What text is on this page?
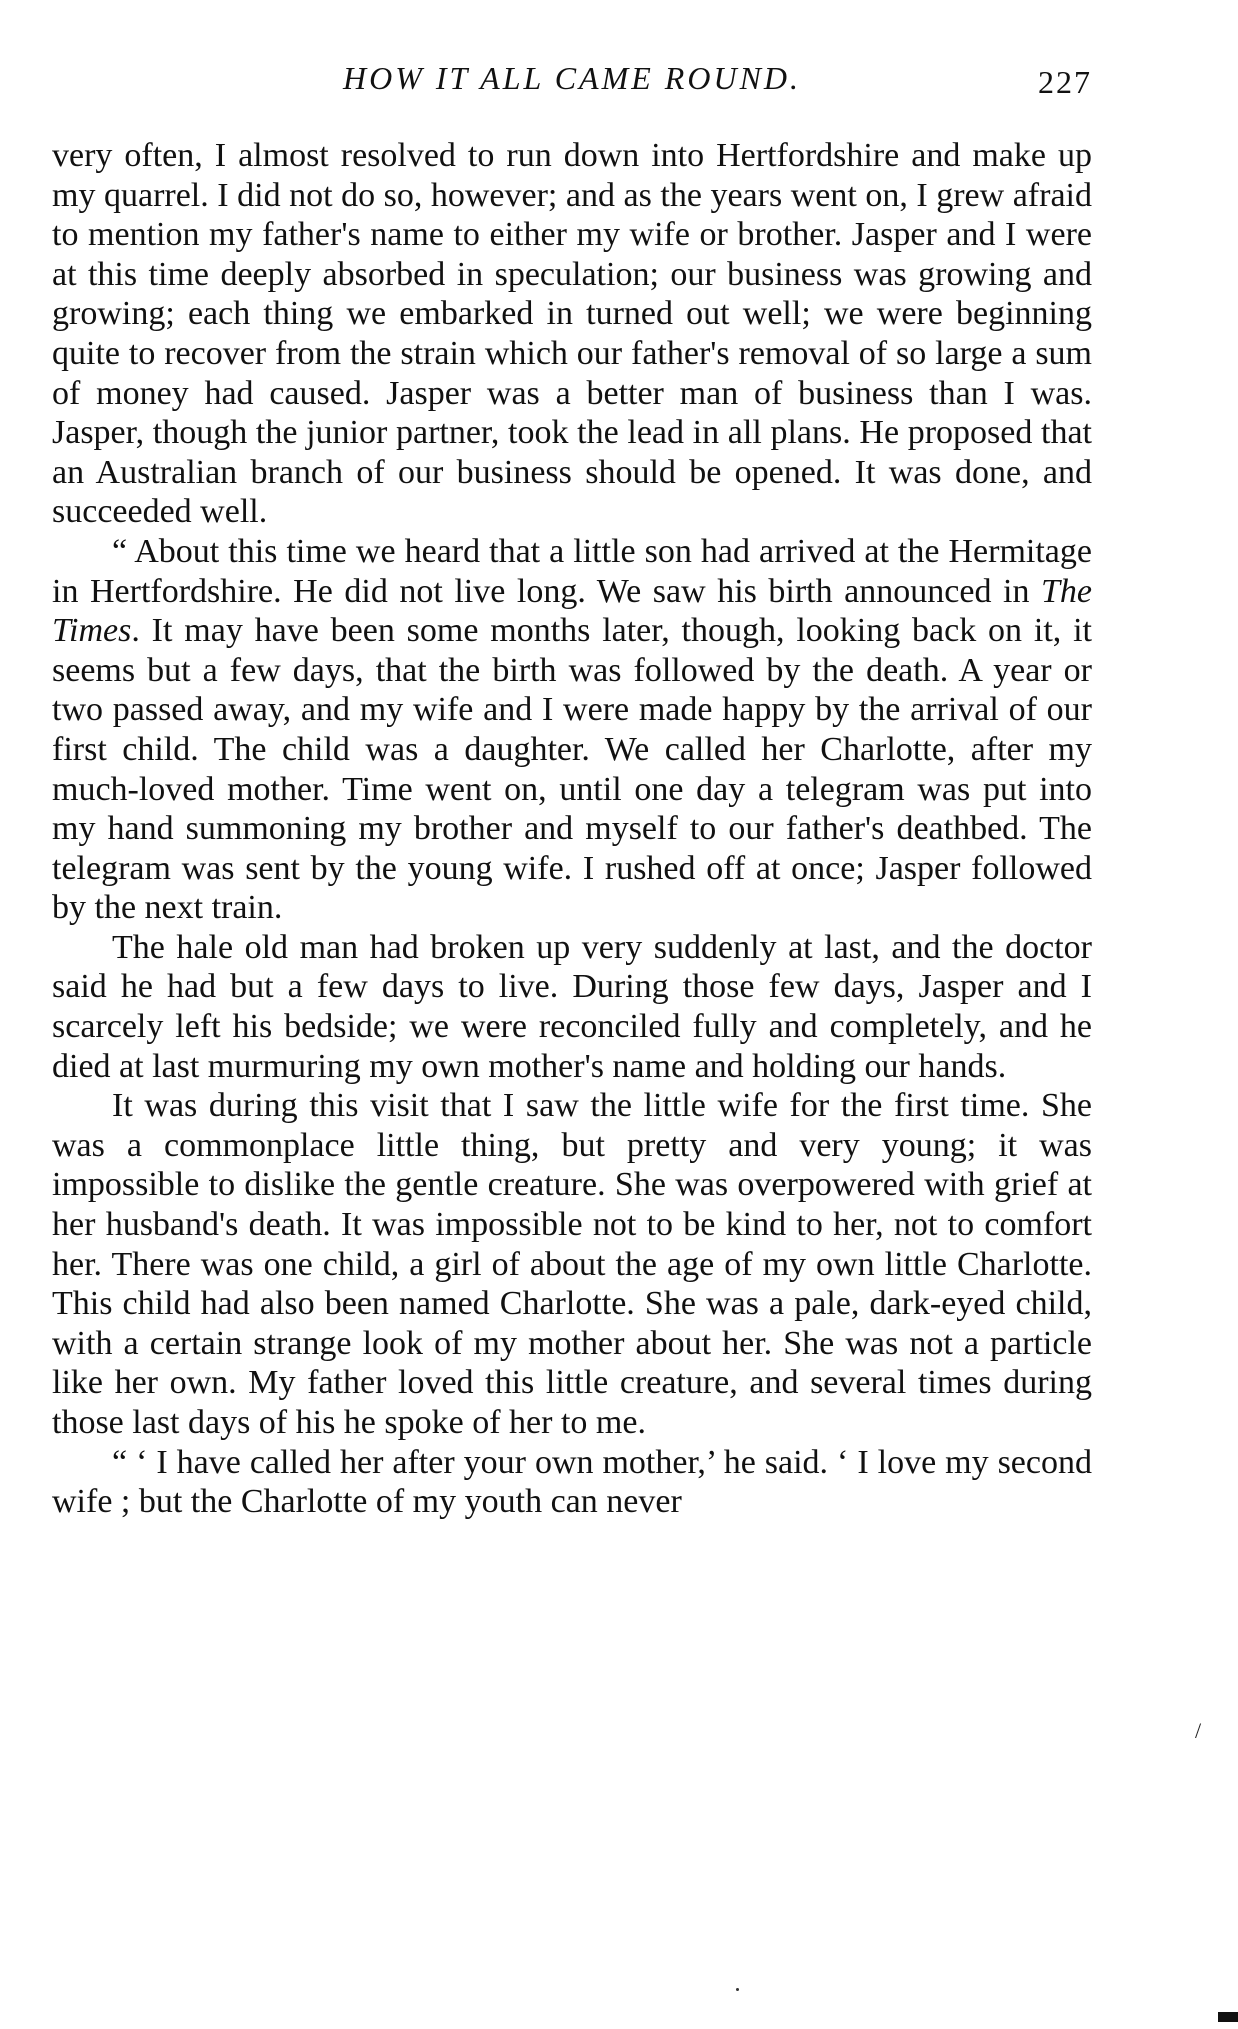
HOW IT ALL CAME ROUND.	227

very often, I almost resolved to run down into Hertfordshire and make up my quarrel. I did not do so, however; and as the years went on, I grew afraid to mention my father's name to either my wife or brother. Jasper and I were at this time deeply absorbed in speculation; our business was growing and growing; each thing we embarked in turned out well; we were beginning quite to recover from the strain which our father's removal of so large a sum of money had caused. Jasper was a better man of business than I was. Jasper, though the junior partner, took the lead in all plans. He proposed that an Australian branch of our business should be opened. It was done, and succeeded well.

“ About this time we heard that a little son had arrived at the Hermitage in Hertfordshire. He did not live long. We saw his birth announced in The Times. It may have been some months later, though, looking back on it, it seems but a few days, that the birth was followed by the death. A year or two passed away, and my wife and I were made happy by the arrival of our first child. The child was a daughter. We called her Charlotte, after my much-loved mother. Time went on, until one day a telegram was put into my hand summoning my brother and myself to our father's deathbed. The telegram was sent by the young wife. I rushed off at once; Jasper followed by the next train.

The hale old man had broken up very suddenly at last, and the doctor said he had but a few days to live. During those few days, Jasper and I scarcely left his bedside; we were reconciled fully and completely, and he died at last murmuring my own mother's name and holding our hands.

It was during this visit that I saw the little wife for the first time. She was a commonplace little thing, but pretty and very young; it was impossible to dislike the gentle creature. She was overpowered with grief at her husband's death. It was impossible not to be kind to her, not to comfort her. There was one child, a girl of about the age of my own little Charlotte. This child had also been named Charlotte. She was a pale, dark-eyed child, with a certain strange look of my mother about her. She was not a particle like her own. My father loved this little creature, and several times during those last days of his he spoke of her to me.

“ ‘ I have called her after your own mother,’ he said. ‘ I love my second wife ; but the Charlotte of my youth can never

/
